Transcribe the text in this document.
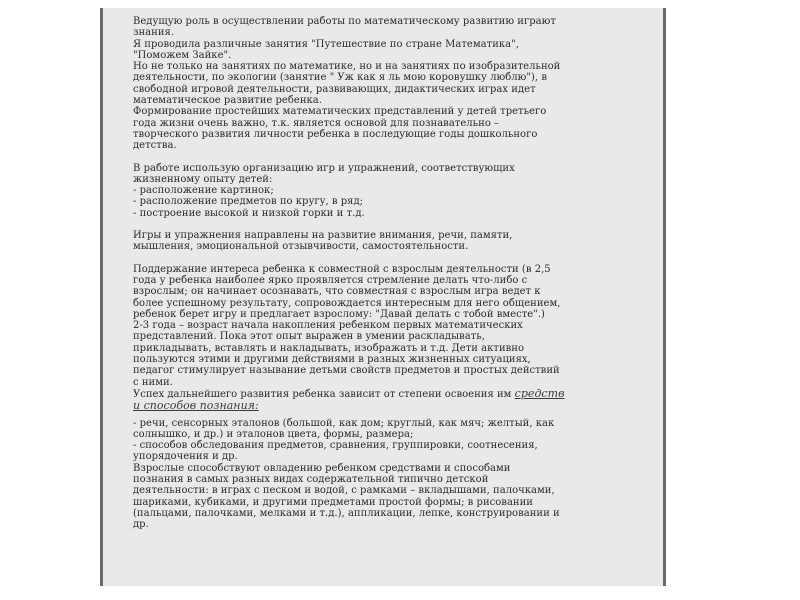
Ведущую роль в осуществлении работы по математическому развитию играют

знания.

Я проводила различные занятия "Путешествие по стране Математика",

"Поможем Зайке".

Но не только на занятиях по математике, но и на занятиях по изобразительной

деятельности, по экологии (занятие " Уж как я ль мою коровушку люблю"), в

свободной игровой деятельности, развивающих, дидактических играх идет

математическое развитие ребенка.

Формирование простейших математических представлений у детей третьего

года жизни очень важно, т.к. является основой для познавательно –

творческого развития личности ребенка в последующие годы дошкольного

детства.

В работе использую организацию игр и упражнений, соответствующих

жизненному опыту детей:

- расположение картинок;

- расположение предметов по кругу, в ряд;

- построение высокой и низкой горки и т.д.

Игры и упражнения направлены на развитие внимания, речи, памяти,

мышления, эмоциональной отзывчивости, самостоятельности.

Поддержание интереса ребенка к совместной с взрослым деятельности (в 2,5

года у ребенка наиболее ярко проявляется стремление делать что-либо с

взрослым; он начинает осознавать, что совместная с взрослым игра ведет к

более успешному результату, сопровождается интересным для него общением,

ребенок берет игру и предлагает взрослому: "Давай делать с тобой вместе".)

2-3 года – возраст начала накопления ребенком первых математических

представлений. Пока этот опыт выражен в умении раскладывать,

прикладывать, вставлять и накладывать, изображать и т.д. Дети активно

пользуются этими и другими действиями в разных жизненных ситуациях,

педагог стимулирует называние детьми свойств предметов и простых действий

с ними.

Успех дальнейшего развития ребенка зависит от степени освоения им средств

и способов познания:

- речи, сенсорных эталонов (большой, как дом; круглый, как мяч; желтый, как

солнышко, и др.) и эталонов цвета, формы, размера;

- способов обследования предметов, сравнения, группировки, соотнесения,

упорядочения и др.

Взрослые способствуют овладению ребенком средствами и способами

познания в самых разных видах содержательной типично детской

деятельности: в играх с песком и водой, с рамками – вкладышами, палочками,

шариками, кубиками, и другими предметами простой формы; в рисовании

(пальцами, палочками, мелками и т.д.), аппликации, лепке, конструировании и

др.
